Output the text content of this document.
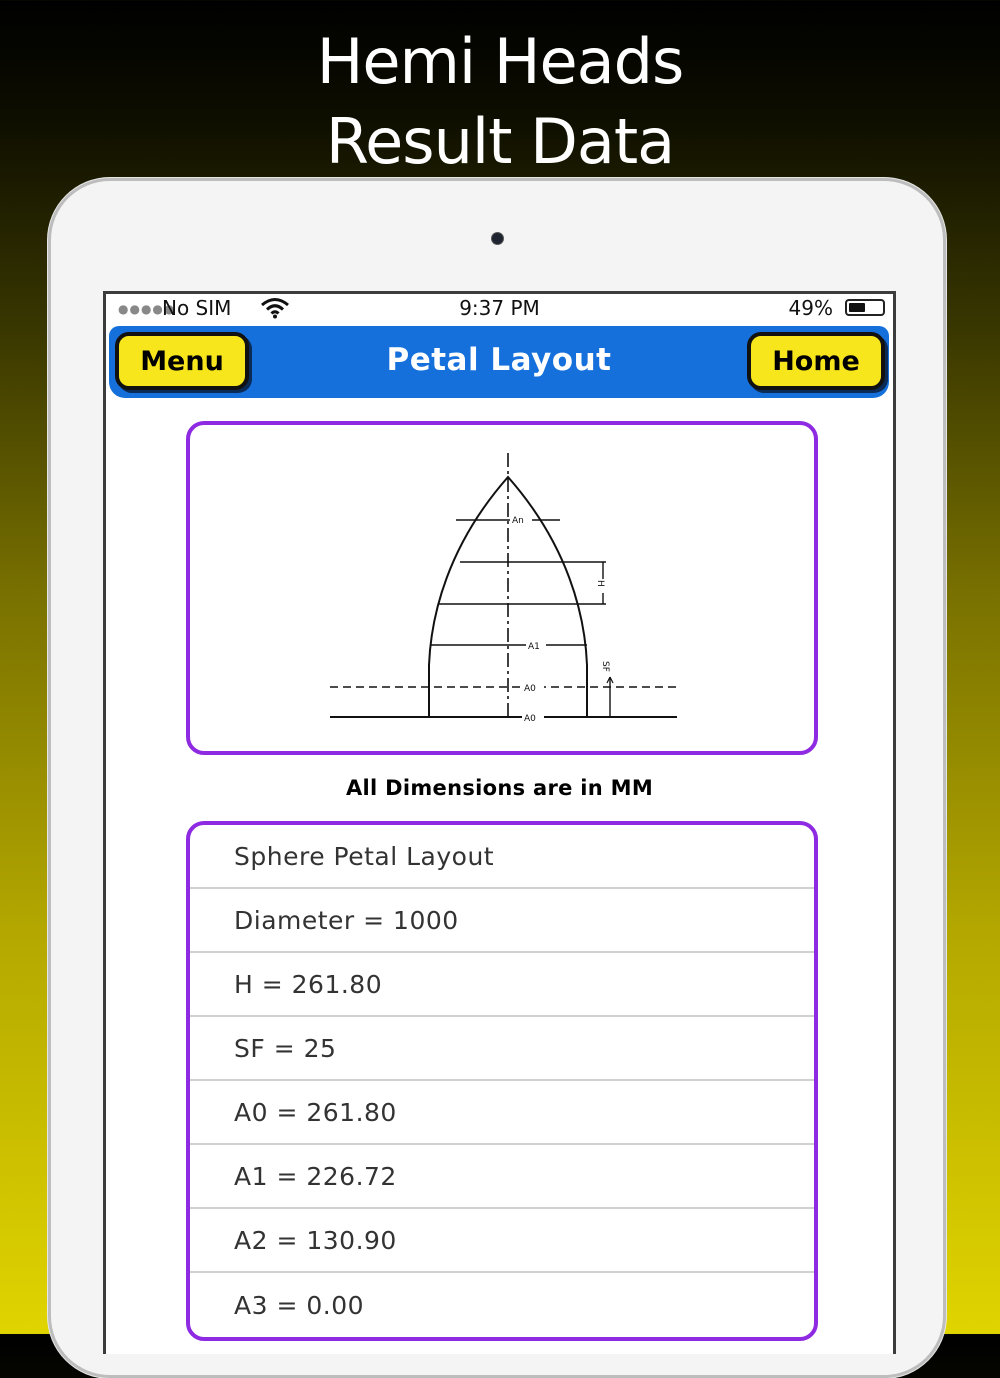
Hemi Heads
Result Data
●●●●●
No SIM	9:37 PM	49%
Menu	Petal Layout	Home
An
H
A1
SF
A0
A0
All Dimensions are in MM
Sphere Petal Layout
Diameter = 1000
H = 261.80
SF = 25
A0 = 261.80
A1 = 226.72
A2 = 130.90
A3 = 0.00
